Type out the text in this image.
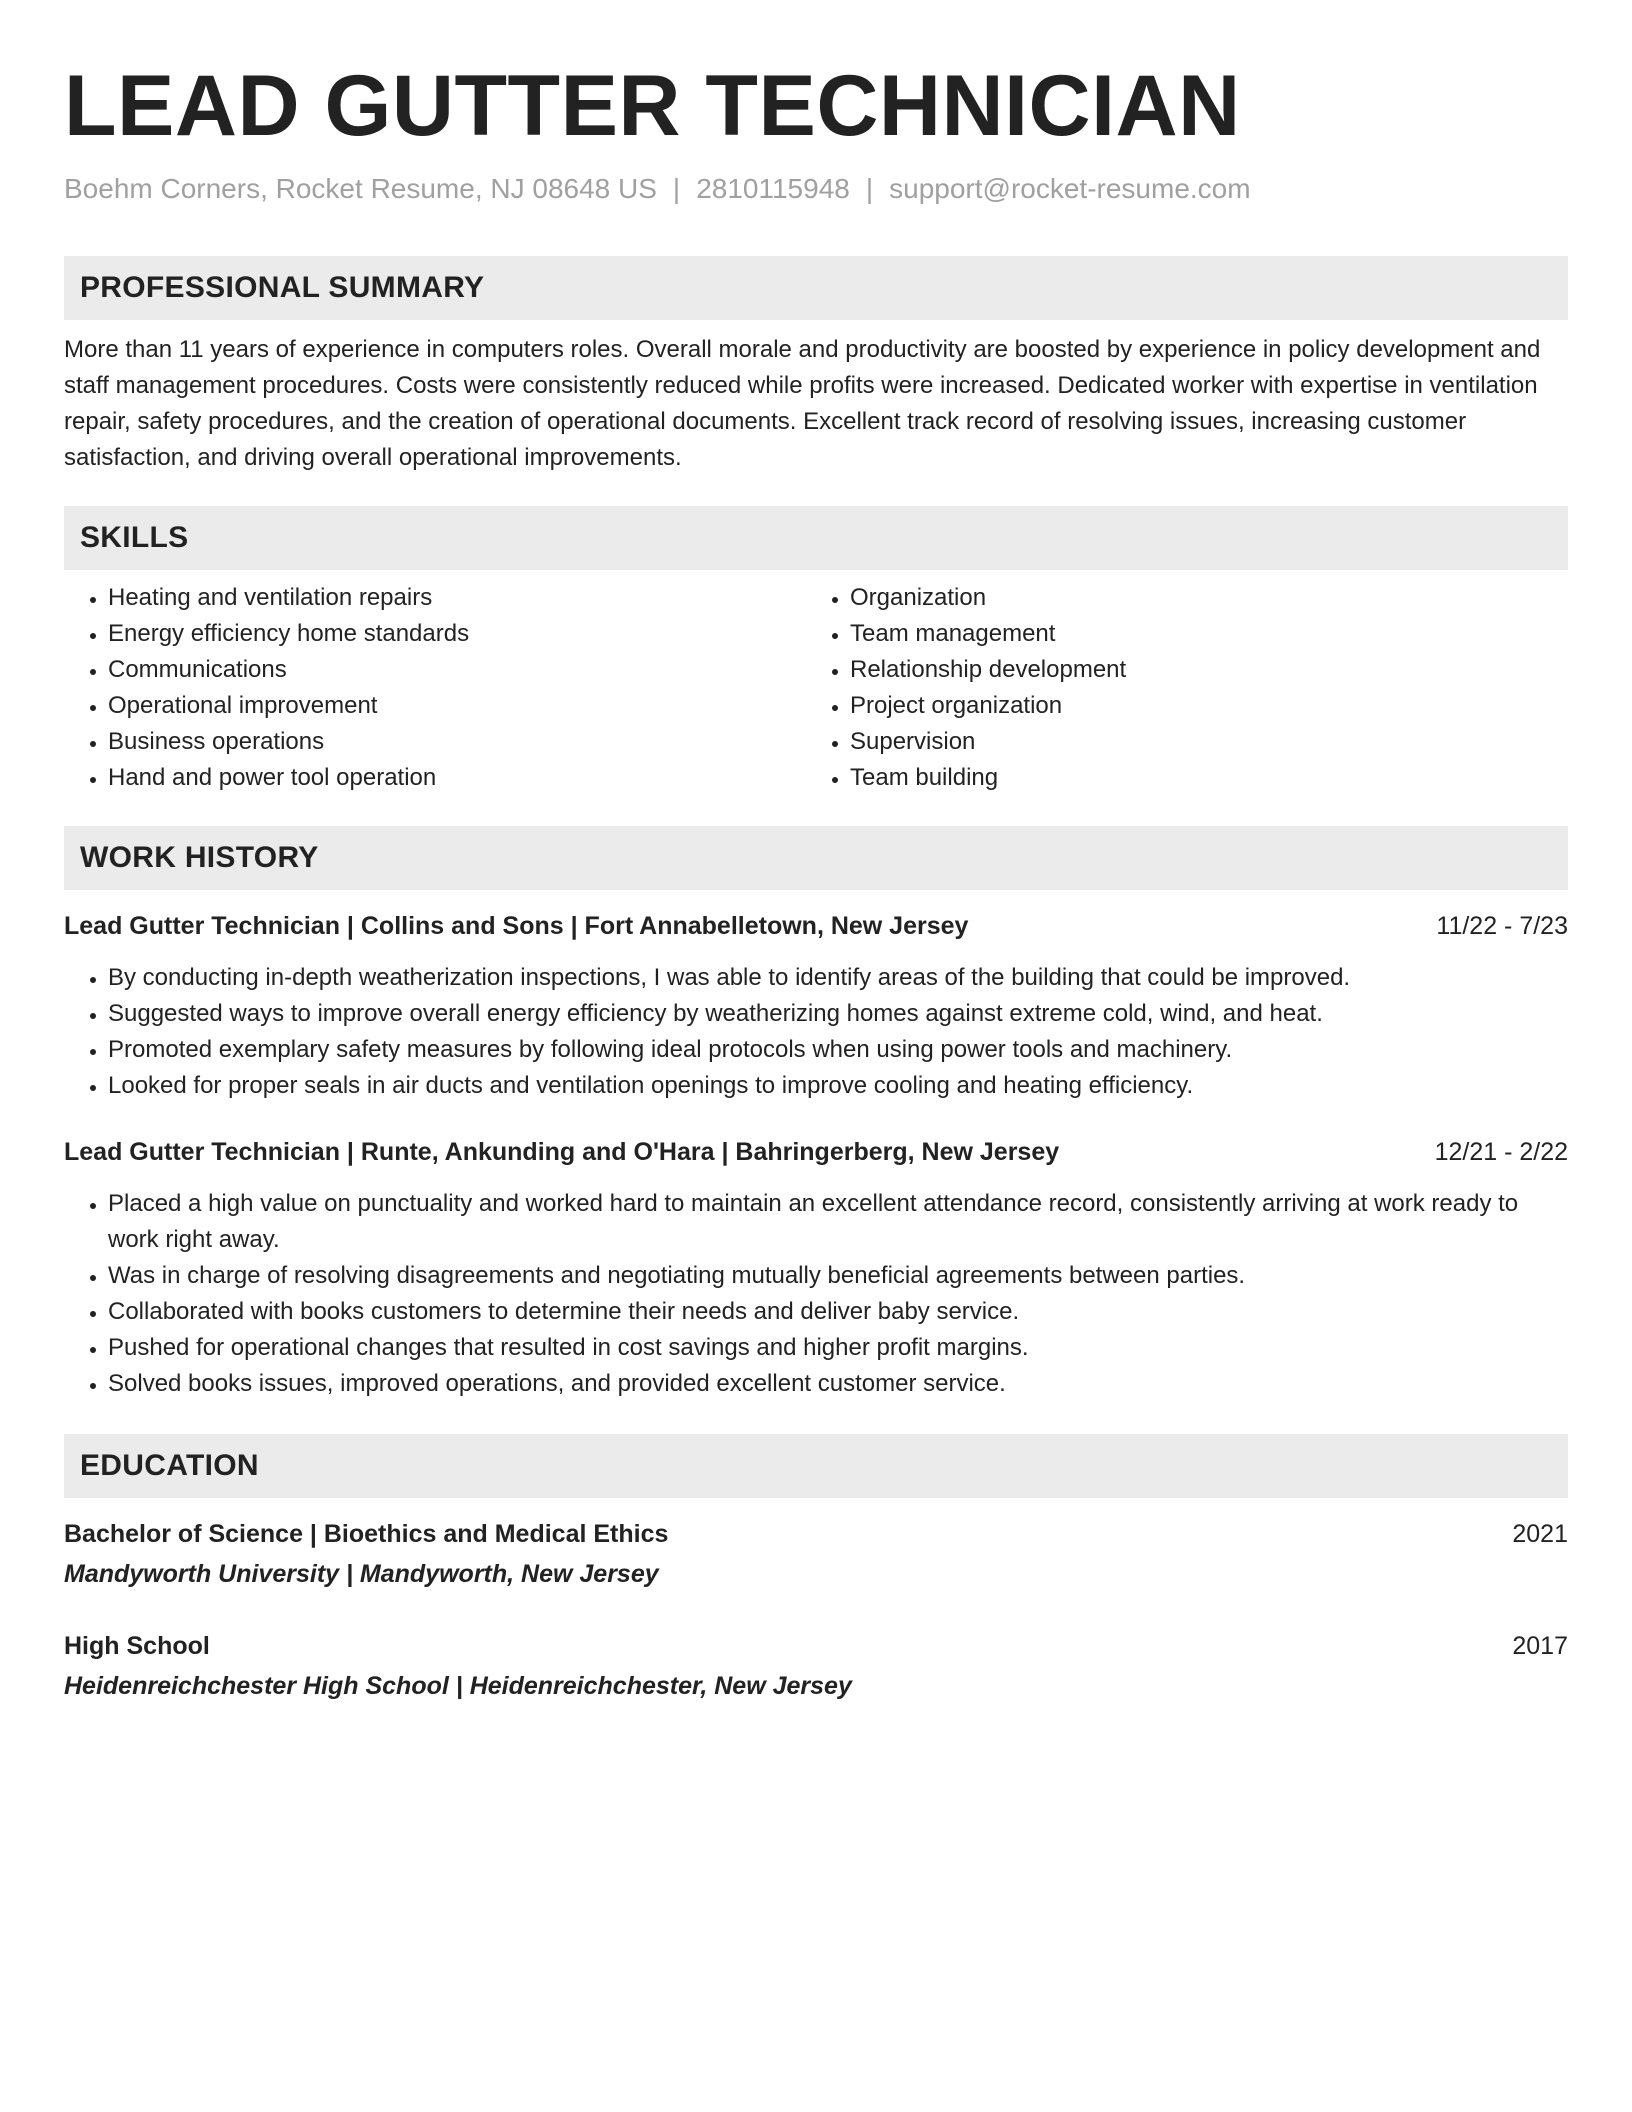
LEAD GUTTER TECHNICIAN
Boehm Corners, Rocket Resume, NJ 08648 US | 2810115948 | support@rocket-resume.com
PROFESSIONAL SUMMARY
More than 11 years of experience in computers roles. Overall morale and productivity are boosted by experience in policy development and staff management procedures. Costs were consistently reduced while profits were increased. Dedicated worker with expertise in ventilation repair, safety procedures, and the creation of operational documents. Excellent track record of resolving issues, increasing customer satisfaction, and driving overall operational improvements.
SKILLS
• Heating and ventilation repairs
• Energy efficiency home standards
• Communications
• Operational improvement
• Business operations
• Hand and power tool operation
• Organization
• Team management
• Relationship development
• Project organization
• Supervision
• Team building
WORK HISTORY
Lead Gutter Technician | Collins and Sons | Fort Annabelletown, New Jersey	11/22 - 7/23
• By conducting in-depth weatherization inspections, I was able to identify areas of the building that could be improved.
• Suggested ways to improve overall energy efficiency by weatherizing homes against extreme cold, wind, and heat.
• Promoted exemplary safety measures by following ideal protocols when using power tools and machinery.
• Looked for proper seals in air ducts and ventilation openings to improve cooling and heating efficiency.
Lead Gutter Technician | Runte, Ankunding and O'Hara | Bahringerberg, New Jersey	12/21 - 2/22
• Placed a high value on punctuality and worked hard to maintain an excellent attendance record, consistently arriving at work ready to work right away.
• Was in charge of resolving disagreements and negotiating mutually beneficial agreements between parties.
• Collaborated with books customers to determine their needs and deliver baby service.
• Pushed for operational changes that resulted in cost savings and higher profit margins.
• Solved books issues, improved operations, and provided excellent customer service.
EDUCATION
Bachelor of Science | Bioethics and Medical Ethics	2021
Mandyworth University | Mandyworth, New Jersey
High School	2017
Heidenreichchester High School | Heidenreichchester, New Jersey
